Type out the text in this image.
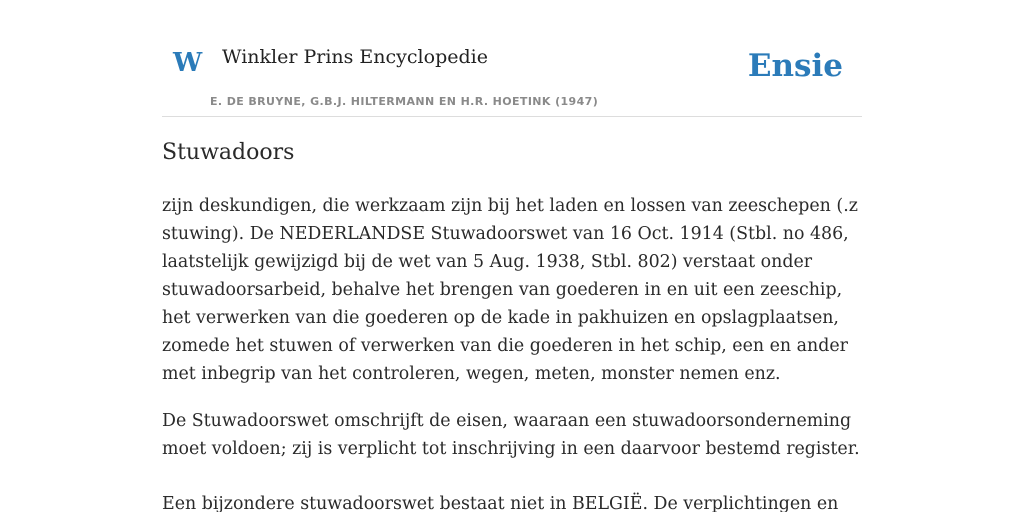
W Winkler Prins Encyclopedie
E. DE BRUYNE, G.B.J. HILTERMANN EN H.R. HOETINK (1947)
Ensie
Stuwadoors

zijn deskundigen, die werkzaam zijn bij het laden en lossen van zeeschepen (.z stuwing). De NEDERLANDSE Stuwadoorswet van 16 Oct. 1914 (Stbl. no 486, laatstelijk gewijzigd bij de wet van 5 Aug. 1938, Stbl. 802) verstaat onder stuwadoorsarbeid, behalve het brengen van goederen in en uit een zeeschip, het verwerken van die goederen op de kade in pakhuizen en opslagplaatsen, zomede het stuwen of verwerken van die goederen in het schip, een en ander met inbegrip van het controleren, wegen, meten, monster nemen enz.

De Stuwadoorswet omschrijft de eisen, waaraan een stuwadoorsonderneming moet voldoen; zij is verplicht tot inschrijving in een daarvoor bestemd register.

Een bijzondere stuwadoorswet bestaat niet in BELGIË. De verplichtingen en
